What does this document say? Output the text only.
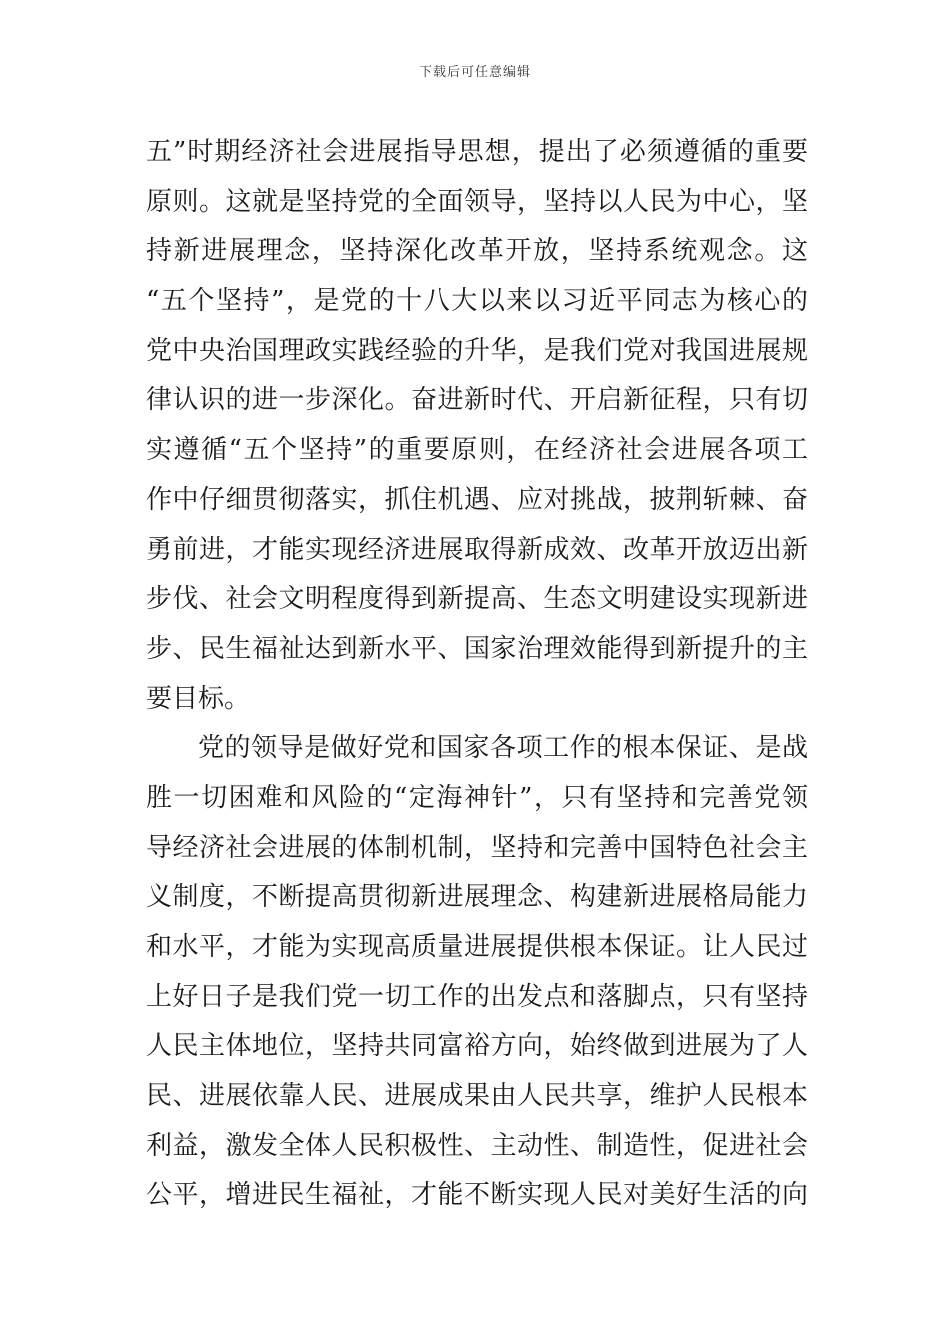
下载后可任意编辑
五”时期经济社会进展指导思想，提出了必须遵循的重要
原则。这就是坚持党的全面领导，坚持以人民为中心，坚
持新进展理念，坚持深化改革开放，坚持系统观念。这
“五个坚持”，是党的十八大以来以习近平同志为核心的
党中央治国理政实践经验的升华，是我们党对我国进展规
律认识的进一步深化。奋进新时代、开启新征程，只有切
实遵循“五个坚持”的重要原则，在经济社会进展各项工
作中仔细贯彻落实，抓住机遇、应对挑战，披荆斩棘、奋
勇前进，才能实现经济进展取得新成效、改革开放迈出新
步伐、社会文明程度得到新提高、生态文明建设实现新进
步、民生福祉达到新水平、国家治理效能得到新提升的主
要目标。
党的领导是做好党和国家各项工作的根本保证、是战
胜一切困难和风险的“定海神针”，只有坚持和完善党领
导经济社会进展的体制机制，坚持和完善中国特色社会主
义制度，不断提高贯彻新进展理念、构建新进展格局能力
和水平，才能为实现高质量进展提供根本保证。让人民过
上好日子是我们党一切工作的出发点和落脚点，只有坚持
人民主体地位，坚持共同富裕方向，始终做到进展为了人
民、进展依靠人民、进展成果由人民共享，维护人民根本
利益，激发全体人民积极性、主动性、制造性，促进社会
公平，增进民生福祉，才能不断实现人民对美好生活的向
